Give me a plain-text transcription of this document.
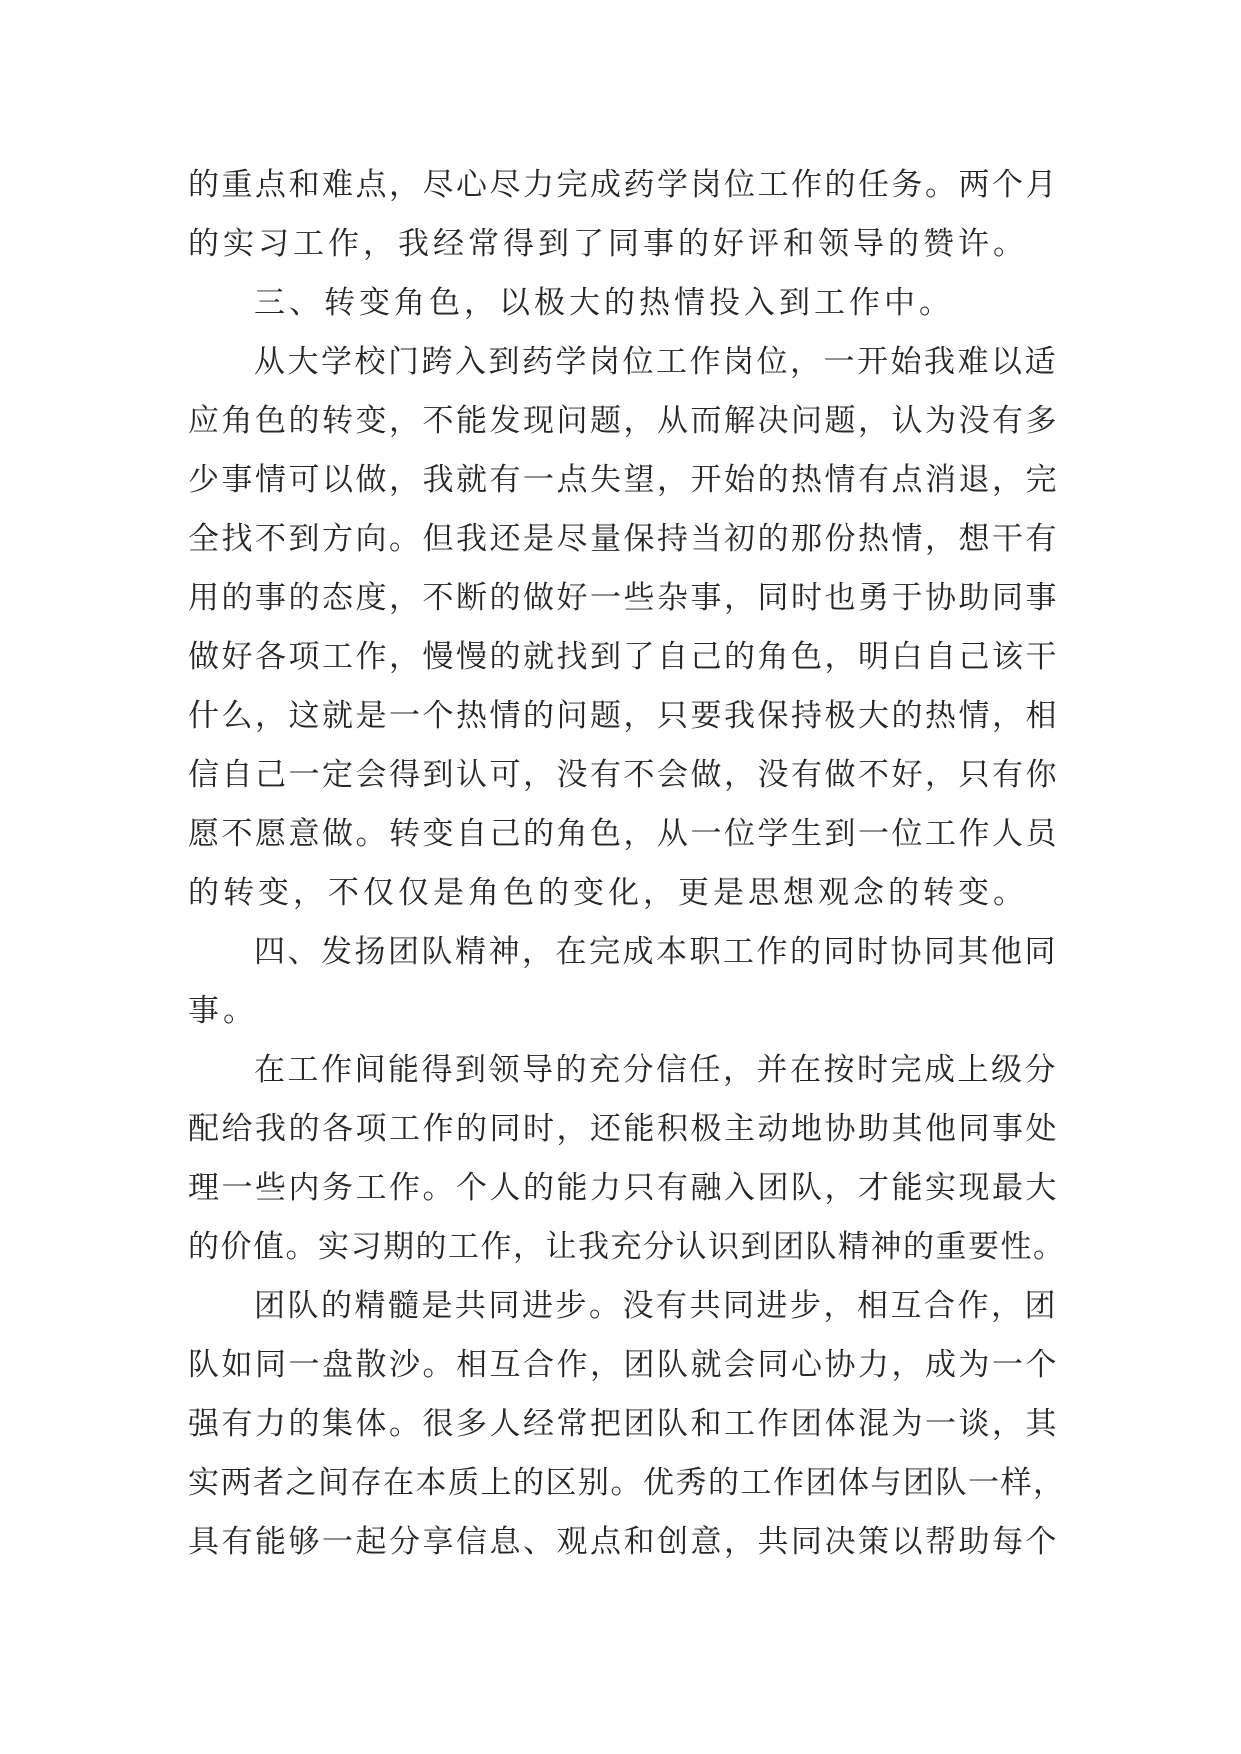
的重点和难点，尽心尽力完成药学岗位工作的任务。两个月
的实习工作，我经常得到了同事的好评和领导的赞许。
三、转变角色，以极大的热情投入到工作中。
从大学校门跨入到药学岗位工作岗位，一开始我难以适
应角色的转变，不能发现问题，从而解决问题，认为没有多
少事情可以做，我就有一点失望，开始的热情有点消退，完
全找不到方向。但我还是尽量保持当初的那份热情，想干有
用的事的态度，不断的做好一些杂事，同时也勇于协助同事
做好各项工作，慢慢的就找到了自己的角色，明白自己该干
什么，这就是一个热情的问题，只要我保持极大的热情，相
信自己一定会得到认可，没有不会做，没有做不好，只有你
愿不愿意做。转变自己的角色，从一位学生到一位工作人员
的转变，不仅仅是角色的变化，更是思想观念的转变。
四、发扬团队精神，在完成本职工作的同时协同其他同
事。
在工作间能得到领导的充分信任，并在按时完成上级分
配给我的各项工作的同时，还能积极主动地协助其他同事处
理一些内务工作。个人的能力只有融入团队，才能实现最大
的价值。实习期的工作，让我充分认识到团队精神的重要性。
团队的精髓是共同进步。没有共同进步，相互合作，团
队如同一盘散沙。相互合作，团队就会同心协力，成为一个
强有力的集体。很多人经常把团队和工作团体混为一谈，其
实两者之间存在本质上的区别。优秀的工作团体与团队一样，
具有能够一起分享信息、观点和创意，共同决策以帮助每个
